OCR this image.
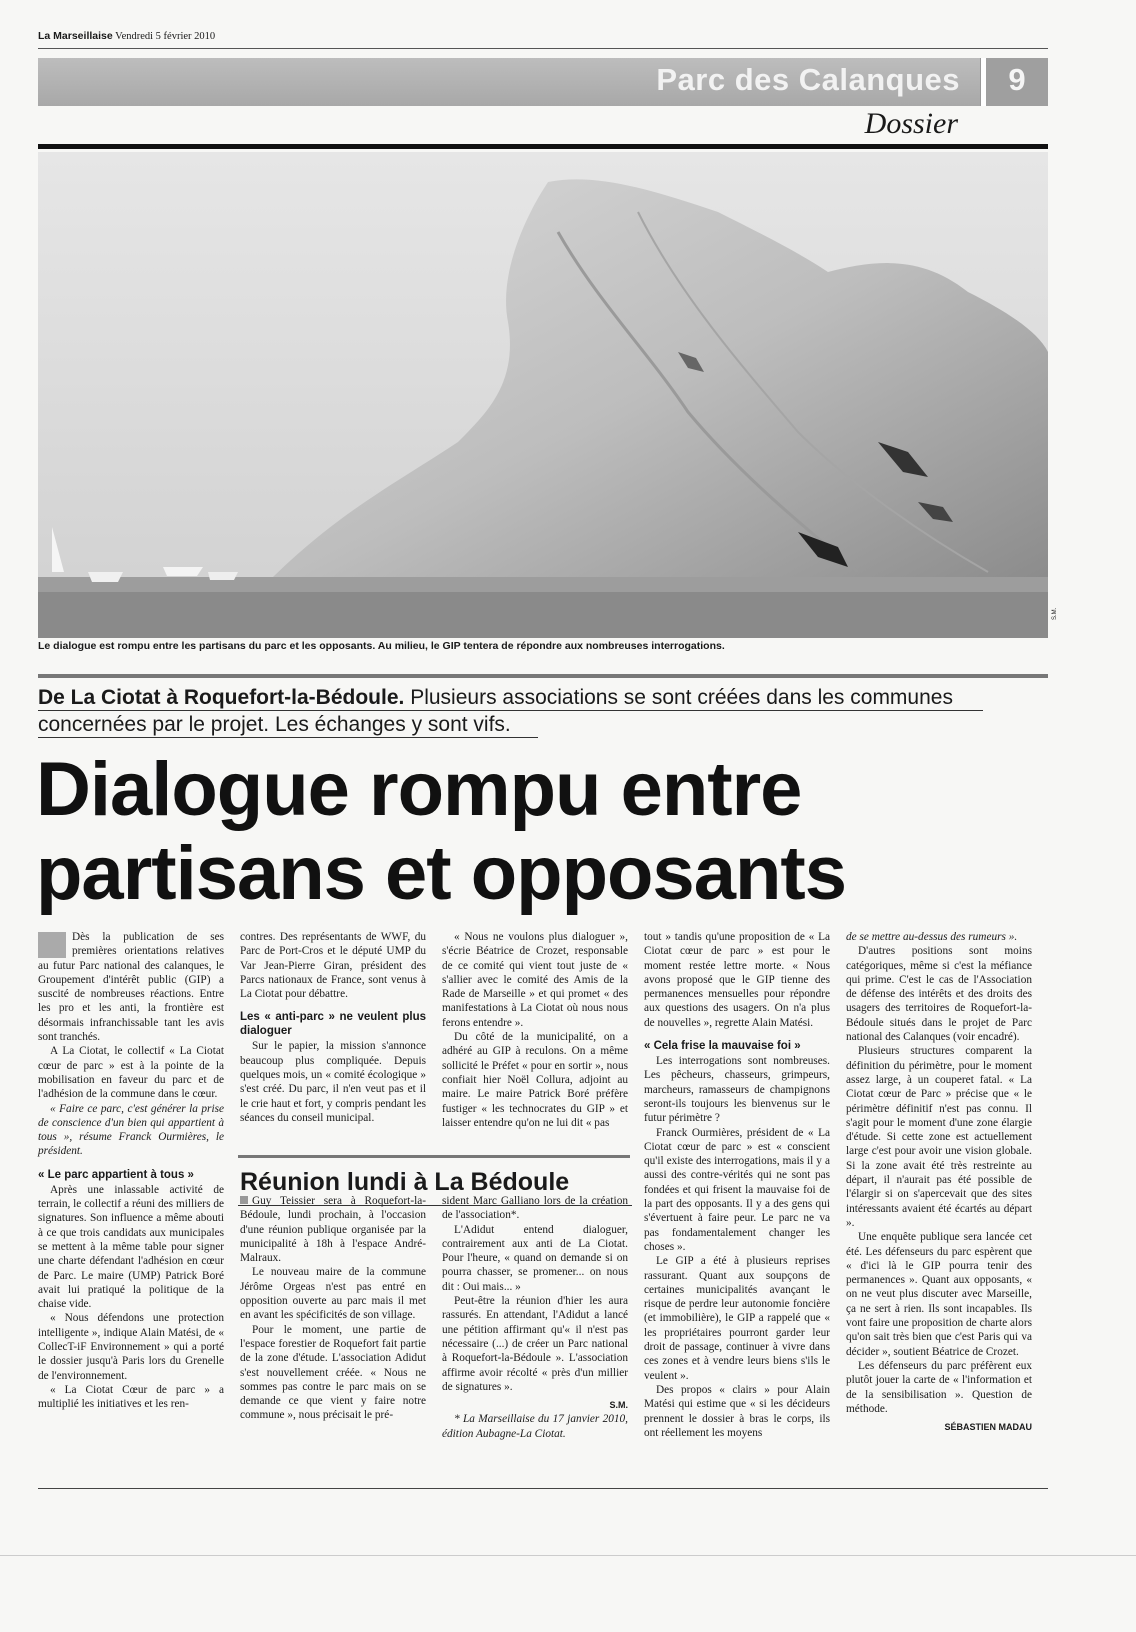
La Marseillaise Vendredi 5 février 2010
Parc des Calanques	9
Dossier
Le dialogue est rompu entre les partisans du parc et les opposants. Au milieu, le GIP tentera de répondre aux nombreuses interrogations.
S.M.
De La Ciotat à Roquefort-la-Bédoule. Plusieurs associations se sont créées dans les communes concernées par le projet. Les échanges y sont vifs.
Dialogue rompu entre
partisans et opposants

Dès la publication de ses premières orientations relatives au futur Parc national des calanques, le Groupement d'intérêt public (GIP) a suscité de nombreuses réactions. Entre les pro et les anti, la frontière est désormais infranchissable tant les avis sont tranchés.

A La Ciotat, le collectif « La Ciotat cœur de parc » est à la pointe de la mobilisation en faveur du parc et de l'adhésion de la commune dans le cœur.

« Faire ce parc, c'est générer la prise de conscience d'un bien qui appartient à tous », résume Franck Ourmières, le président.

« Le parc appartient à tous »

Après une inlassable activité de terrain, le collectif a réuni des milliers de signatures. Son influence a même abouti à ce que trois candidats aux municipales se mettent à la même table pour signer une charte défendant l'adhésion en cœur de Parc. Le maire (UMP) Patrick Boré avait lui pratiqué la politique de la chaise vide.

« Nous défendons une protection intelligente », indique Alain Matési, de « CollecT-iF Environnement » qui a porté le dossier jusqu'à Paris lors du Grenelle de l'environnement.

« La Ciotat Cœur de parc » a multiplié les initiatives et les ren-

contres. Des représentants de WWF, du Parc de Port-Cros et le député UMP du Var Jean-Pierre Giran, président des Parcs nationaux de France, sont venus à La Ciotat pour débattre.

Les « anti-parc » ne veulent plus dialoguer

Sur le papier, la mission s'annonce beaucoup plus compliquée. Depuis quelques mois, un « comité écologique » s'est créé. Du parc, il n'en veut pas et il le crie haut et fort, y compris pendant les séances du conseil municipal.

« Nous ne voulons plus dialoguer », s'écrie Béatrice de Crozet, responsable de ce comité qui vient tout juste de « s'allier avec le comité des Amis de la Rade de Marseille » et qui promet « des manifestations à La Ciotat où nous nous ferons entendre ».

Du côté de la municipalité, on a adhéré au GIP à reculons. On a même sollicité le Préfet « pour en sortir », nous confiait hier Noël Collura, adjoint au maire. Le maire Patrick Boré préfère fustiger « les technocrates du GIP » et laisser entendre qu'on ne lui dit « pas

tout » tandis qu'une proposition de « La Ciotat cœur de parc » est pour le moment restée lettre morte. « Nous avons proposé que le GIP tienne des permanences mensuelles pour répondre aux questions des usagers. On n'a plus de nouvelles », regrette Alain Matési.

« Cela frise la mauvaise foi »

Les interrogations sont nombreuses. Les pêcheurs, chasseurs, grimpeurs, marcheurs, ramasseurs de champignons seront-ils toujours les bienvenus sur le futur périmètre ?

Franck Ourmières, président de « La Ciotat cœur de parc » est « conscient qu'il existe des interrogations, mais il y a aussi des contre-vérités qui ne sont pas fondées et qui frisent la mauvaise foi de la part des opposants. Il y a des gens qui s'évertuent à faire peur. Le parc ne va pas fondamentalement changer les choses ».

Le GIP a été à plusieurs reprises rassurant. Quant aux soupçons de certaines municipalités avançant le risque de perdre leur autonomie foncière (et immobilière), le GIP a rappelé que « les propriétaires pourront garder leur droit de passage, continuer à vivre dans ces zones et à vendre leurs biens s'ils le veulent ».

Des propos « clairs » pour Alain Matési qui estime que « si les décideurs prennent le dossier à bras le corps, ils ont réellement les moyens

de se mettre au-dessus des rumeurs ».

D'autres positions sont moins catégoriques, même si c'est la méfiance qui prime. C'est le cas de l'Association de défense des intérêts et des droits des usagers des territoires de Roquefort-la-Bédoule situés dans le projet de Parc national des Calanques (voir encadré).

Plusieurs structures comparent la définition du périmètre, pour le moment assez large, à un couperet fatal. « La Ciotat cœur de Parc » précise que « le périmètre définitif n'est pas connu. Il s'agit pour le moment d'une zone élargie d'étude. Si cette zone est actuellement large c'est pour avoir une vision globale. Si la zone avait été très restreinte au départ, il n'aurait pas été possible de l'élargir si on s'apercevait que des sites intéressants avaient été écartés au départ ».

Une enquête publique sera lancée cet été. Les défenseurs du parc espèrent que « d'ici là le GIP pourra tenir des permanences ». Quant aux opposants, « on ne veut plus discuter avec Marseille, ça ne sert à rien. Ils sont incapables. Ils vont faire une proposition de charte alors qu'on sait très bien que c'est Paris qui va décider », soutient Béatrice de Crozet.

Les défenseurs du parc préfèrent eux plutôt jouer la carte de « l'information et de la sensibilisation ». Question de méthode.

SÉBASTIEN MADAU

Guy Teissier sera à Roquefort-la-Bédoule, lundi prochain, à l'occasion d'une réunion publique organisée par la municipalité à 18h à l'espace André-Malraux.

Le nouveau maire de la commune Jérôme Orgeas n'est pas entré en opposition ouverte au parc mais il met en avant les spécificités de son village.

Pour le moment, une partie de l'espace forestier de Roquefort fait partie de la zone d'étude. L'association Adidut s'est nouvellement créée. « Nous ne sommes pas contre le parc mais on se demande ce que vient y faire notre commune », nous précisait le pré-

sident Marc Galliano lors de la création de l'association*.

L'Adidut entend dialoguer, contrairement aux anti de La Ciotat. Pour l'heure, « quand on demande si on pourra chasser, se promener... on nous dit : Oui mais... »

Peut-être la réunion d'hier les aura rassurés. En attendant, l'Adidut a lancé une pétition affirmant qu'« il n'est pas nécessaire (...) de créer un Parc national à Roquefort-la-Bédoule ». L'association affirme avoir récolté « près d'un millier de signatures ».

S.M.

* La Marseillaise du 17 janvier 2010, édition Aubagne-La Ciotat.

Réunion lundi à La Bédoule
